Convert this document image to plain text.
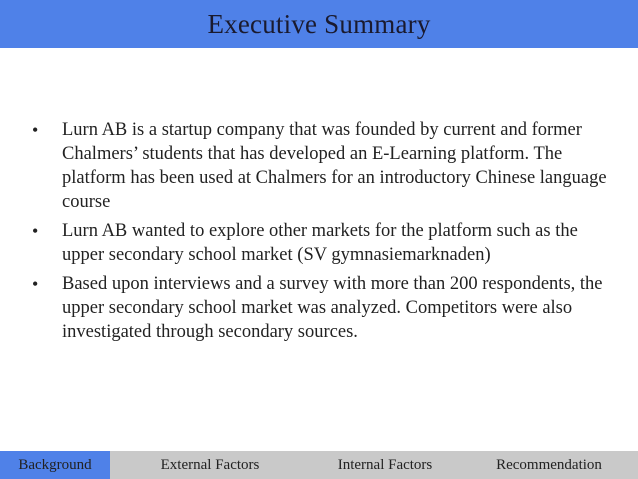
Executive Summary
• Lurn AB is a startup company that was founded by current and former Chalmers’ students that has developed an E-Learning platform. The platform has been used at Chalmers for an introductory Chinese language course
• Lurn AB wanted to explore other markets for the platform such as the upper secondary school market (SV gymnasiemarknaden)
• Based upon interviews and a survey with more than 200 respondents, the upper secondary school market was analyzed. Competitors were also investigated through secondary sources.
Background	External Factors	Internal Factors	Recommendation
